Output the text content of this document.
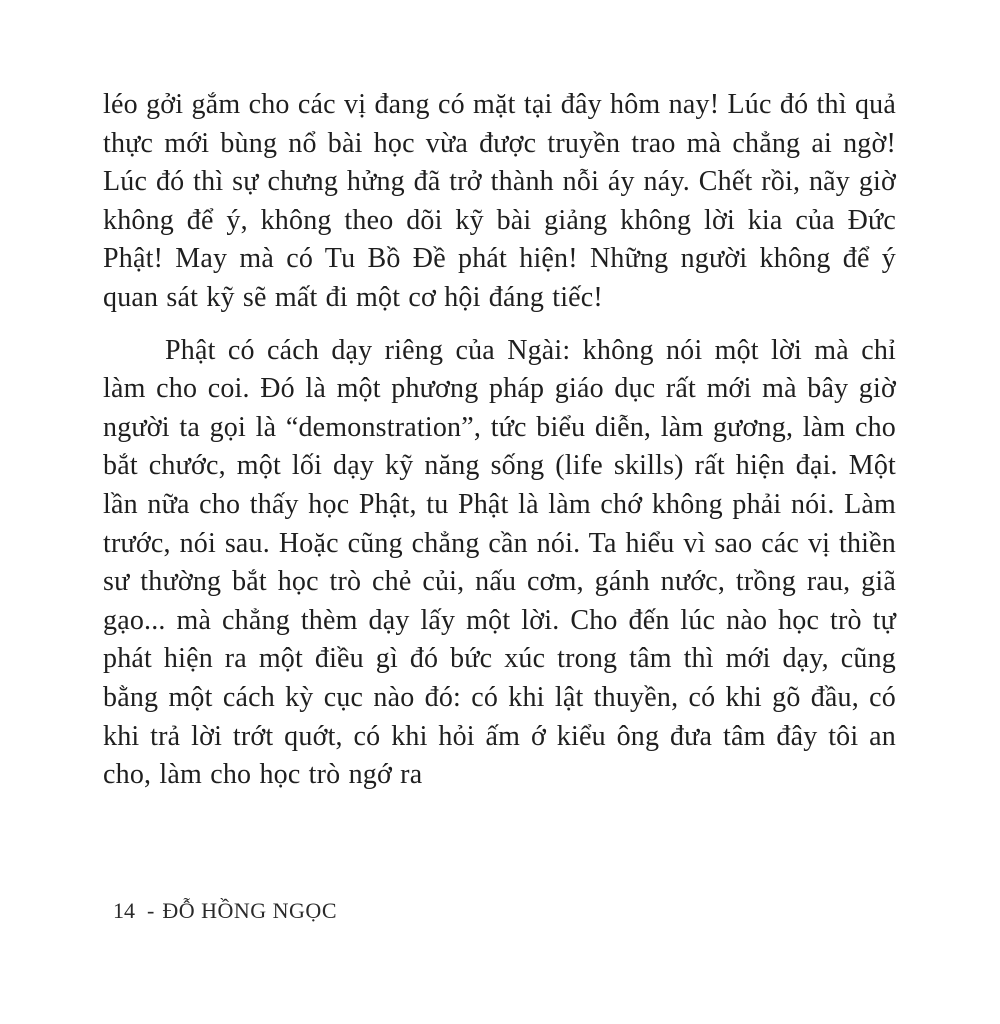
léo gởi gắm cho các vị đang có mặt tại đây hôm nay! Lúc đó thì quả thực mới bùng nổ bài học vừa được truyền trao mà chẳng ai ngờ! Lúc đó thì sự chưng hửng đã trở thành nỗi áy náy. Chết rồi, nãy giờ không để ý, không theo dõi kỹ bài giảng không lời kia của Đức Phật! May mà có Tu Bồ Đề phát hiện! Những người không để ý quan sát kỹ sẽ mất đi một cơ hội đáng tiếc!

Phật có cách dạy riêng của Ngài: không nói một lời mà chỉ làm cho coi. Đó là một phương pháp giáo dục rất mới mà bây giờ người ta gọi là “demonstration”, tức biểu diễn, làm gương, làm cho bắt chước, một lối dạy kỹ năng sống (life skills) rất hiện đại. Một lần nữa cho thấy học Phật, tu Phật là làm chớ không phải nói. Làm trước, nói sau. Hoặc cũng chẳng cần nói. Ta hiểu vì sao các vị thiền sư thường bắt học trò chẻ củi, nấu cơm, gánh nước, trồng rau, giã gạo... mà chẳng thèm dạy lấy một lời. Cho đến lúc nào học trò tự phát hiện ra một điều gì đó bức xúc trong tâm thì mới dạy, cũng bằng một cách kỳ cục nào đó: có khi lật thuyền, có khi gõ đầu, có khi trả lời trớt quớt, có khi hỏi ấm ớ kiểu ông đưa tâm đây tôi an cho, làm cho học trò ngớ ra

14 - ĐỖ HỒNG NGỌC
